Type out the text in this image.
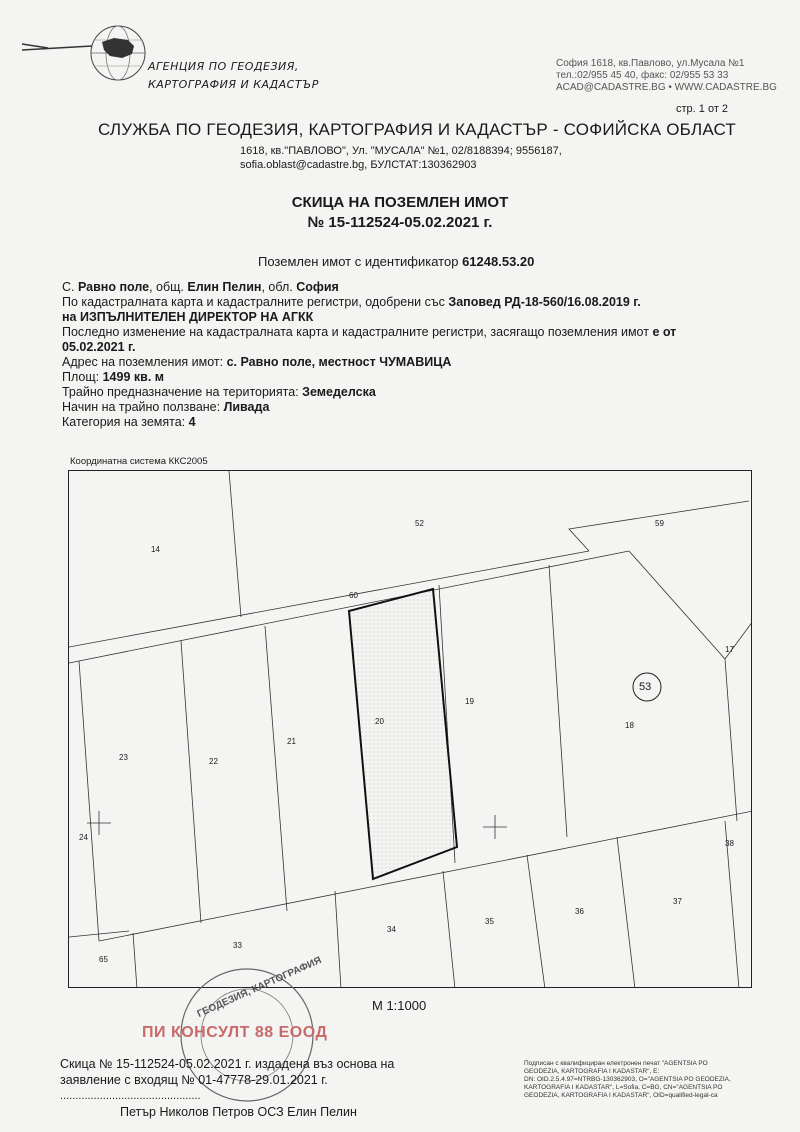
АГЕНЦИЯ ПО ГЕОДЕЗИЯ,
КАРТОГРАФИЯ И КАДАСТЪР
София 1618, кв.Павлово, ул.Мусала №1
тел.:02/955 45 40, факс: 02/955 53 33
ACAD@CADASTRE.BG • WWW.CADASTRE.BG
стр. 1 от 2
СЛУЖБА ПО ГЕОДЕЗИЯ, КАРТОГРАФИЯ И КАДАСТЪР - СОФИЙСКА ОБЛАСТ
1618, кв."ПАВЛОВО", Ул. "МУСАЛА" №1, 02/8188394; 9556187,
sofia.oblast@cadastre.bg, БУЛСТАТ:130362903
СКИЦА НА ПОЗЕМЛЕН ИМОТ
№ 15-112524-05.02.2021 г.
Поземлен имот с идентификатор 61248.53.20
С. Равно поле, общ. Елин Пелин, обл. София
По кадастралната карта и кадастралните регистри, одобрени със Заповед РД-18-560/16.08.2019 г.
на ИЗПЪЛНИТЕЛЕН ДИРЕКТОР НА АГКК
Последно изменение на кадастралната карта и кадастралните регистри, засягащо поземления имот е от
05.02.2021 г.
Адрес на поземления имот: с. Равно поле, местност ЧУМАВИЦА
Площ: 1499 кв. м
Трайно предназначение на територията: Земеделска
Начин на трайно ползване: Ливада
Категория на земята: 4
Координатна система ККС2005
14
52	59
60
17
53
19
20
21
22
23
18
24
38
37
36
35
34
33
65
М 1:1000
ГЕОДЕЗИЯ, КАРТОГРАФИЯ
ПИ КОНСУЛТ 88 ЕООД
Скица № 15-112524-05.02.2021 г. издадена въз основа на
заявление с входящ № 01-47778-29.01.2021 г.
..............................................
Петър Николов Петров ОСЗ Елин Пелин
Подписан с квалифициран електронен печат "AGENTSIA PO
GEODEZIA, KARTOGRAFIA I KADASTAR", E:
DN: OID.2.5.4.97=NTRBG-130362903, O="AGENTSIA PO GEODEZIA,
KARTOGRAFIA I KADASTAR", L=Sofia, C=BG, CN="AGENTSIA PO
GEODEZIA, KARTOGRAFIA I KADASTAR", OID=qualified-legal-ca
